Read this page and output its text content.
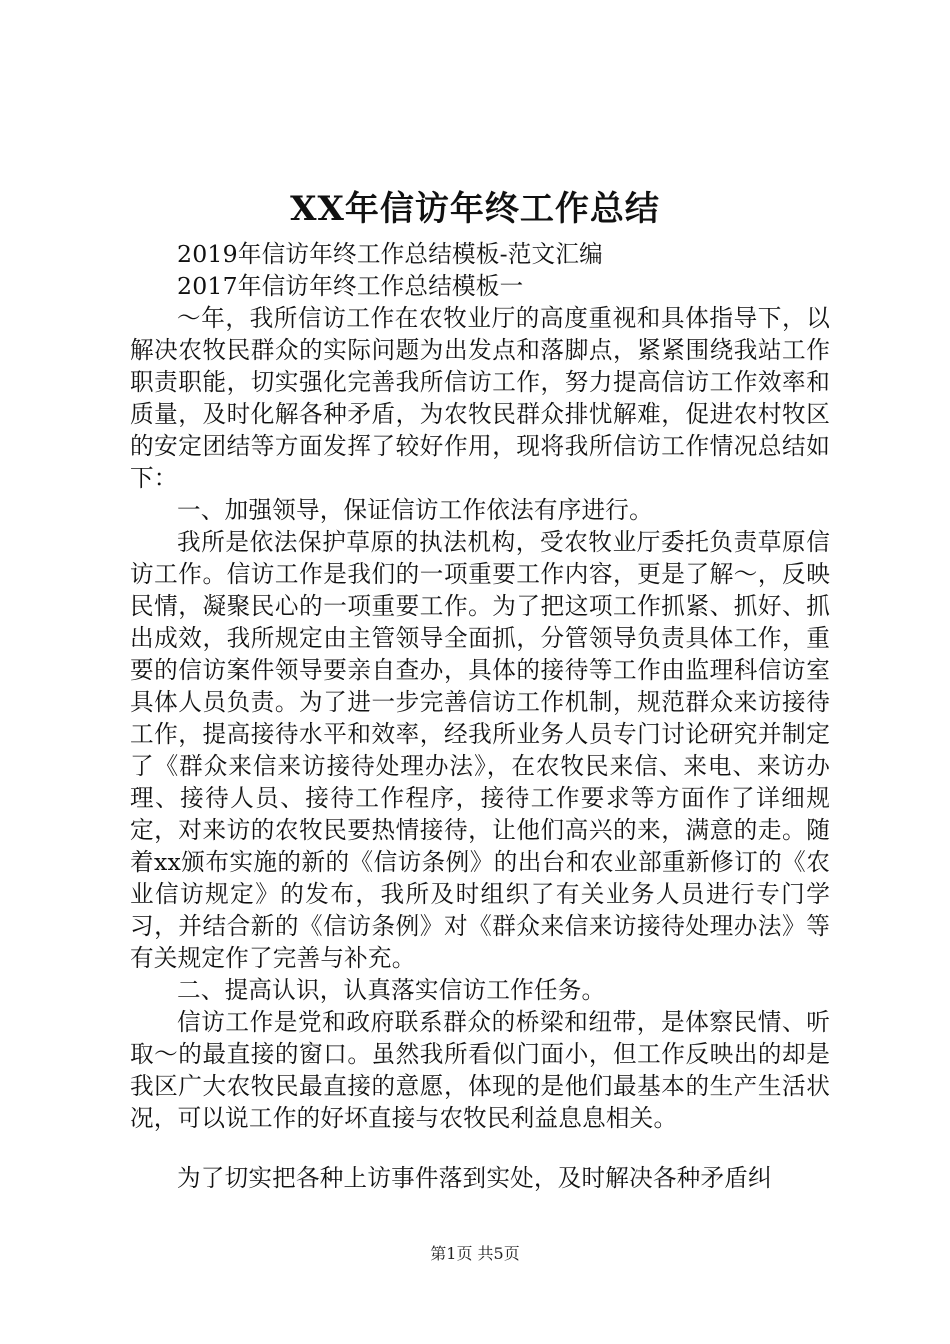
XX年信访年终工作总结

2019年信访年终工作总结模板-范文汇编

2017年信访年终工作总结模板一

～年，我所信访工作在农牧业厅的高度重视和具体指导下，以解决农牧民群众的实际问题为出发点和落脚点，紧紧围绕我站工作职责职能，切实强化完善我所信访工作，努力提高信访工作效率和质量，及时化解各种矛盾，为农牧民群众排忧解难，促进农村牧区的安定团结等方面发挥了较好作用，现将我所信访工作情况总结如下：

一、加强领导，保证信访工作依法有序进行。

我所是依法保护草原的执法机构，受农牧业厅委托负责草原信访工作。信访工作是我们的一项重要工作内容，更是了解～，反映民情，凝聚民心的一项重要工作。为了把这项工作抓紧、抓好、抓出成效，我所规定由主管领导全面抓，分管领导负责具体工作，重要的信访案件领导要亲自查办，具体的接待等工作由监理科信访室具体人员负责。为了进一步完善信访工作机制，规范群众来访接待工作，提高接待水平和效率，经我所业务人员专门讨论研究并制定了《群众来信来访接待处理办法》，在农牧民来信、来电、来访办理、接待人员、接待工作程序，接待工作要求等方面作了详细规定，对来访的农牧民要热情接待，让他们高兴的来，满意的走。随着xx颁布实施的新的《信访条例》的出台和农业部重新修订的《农业信访规定》的发布，我所及时组织了有关业务人员进行专门学习，并结合新的《信访条例》对《群众来信来访接待处理办法》等有关规定作了完善与补充。

二、提高认识，认真落实信访工作任务。

信访工作是党和政府联系群众的桥梁和纽带，是体察民情、听取～的最直接的窗口。虽然我所看似门面小，但工作反映出的却是我区广大农牧民最直接的意愿，体现的是他们最基本的生产生活状况，可以说工作的好坏直接与农牧民利益息息相关。

为了切实把各种上访事件落到实处，及时解决各种矛盾纠

第1页 共5页
